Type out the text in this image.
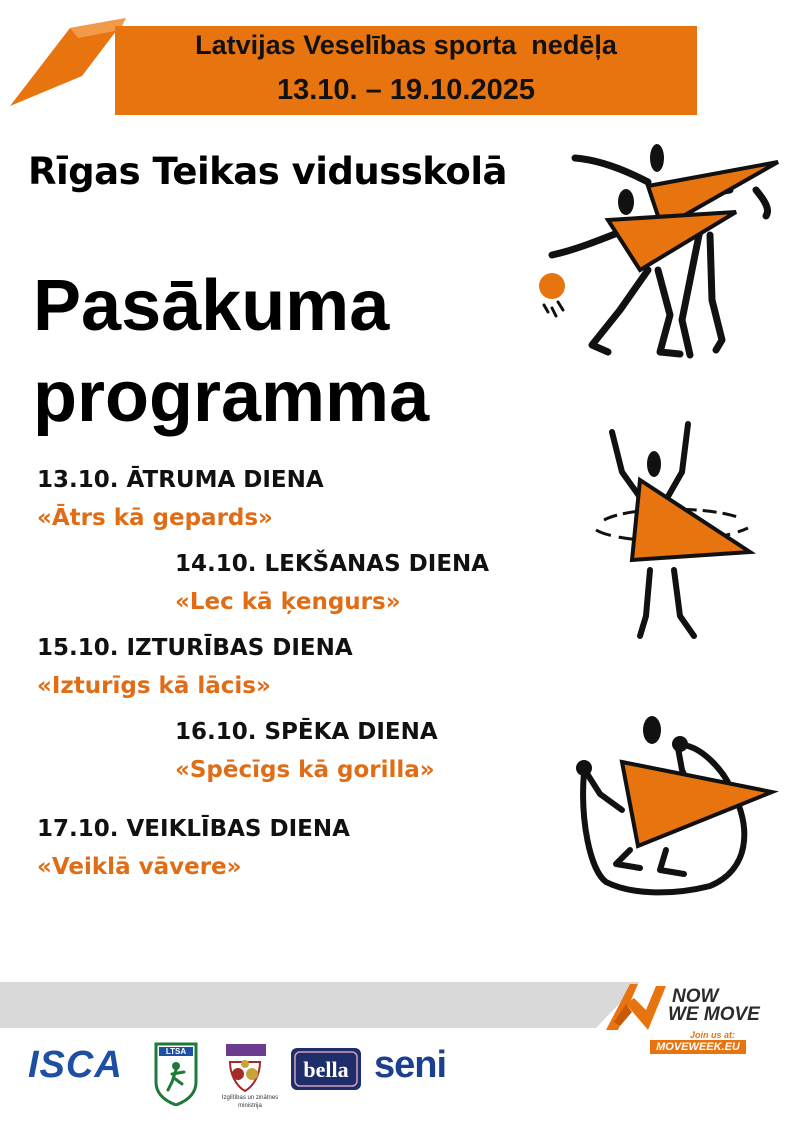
Latvijas Veselības sporta  nedēļa
13.10. – 19.10.2025
Rīgas Teikas vidusskolā
Pasākuma
programma
13.10. ĀTRUMA DIENA
«Ātrs kā gepards»
14.10. LEKŠANAS DIENA
«Lec kā ķengurs»
15.10. IZTURĪBAS DIENA
«Izturīgs kā lācis»
16.10. SPĒKA DIENA
«Spēcīgs kā gorilla»
17.10. VEIKLĪBAS DIENA
«Veiklā vāvere»
NOW
WE MOVE
Join us at:
MOVEWEEK.EU
ISCA	LTSA
Izglītības un zinātnes ministrija
bella seni
